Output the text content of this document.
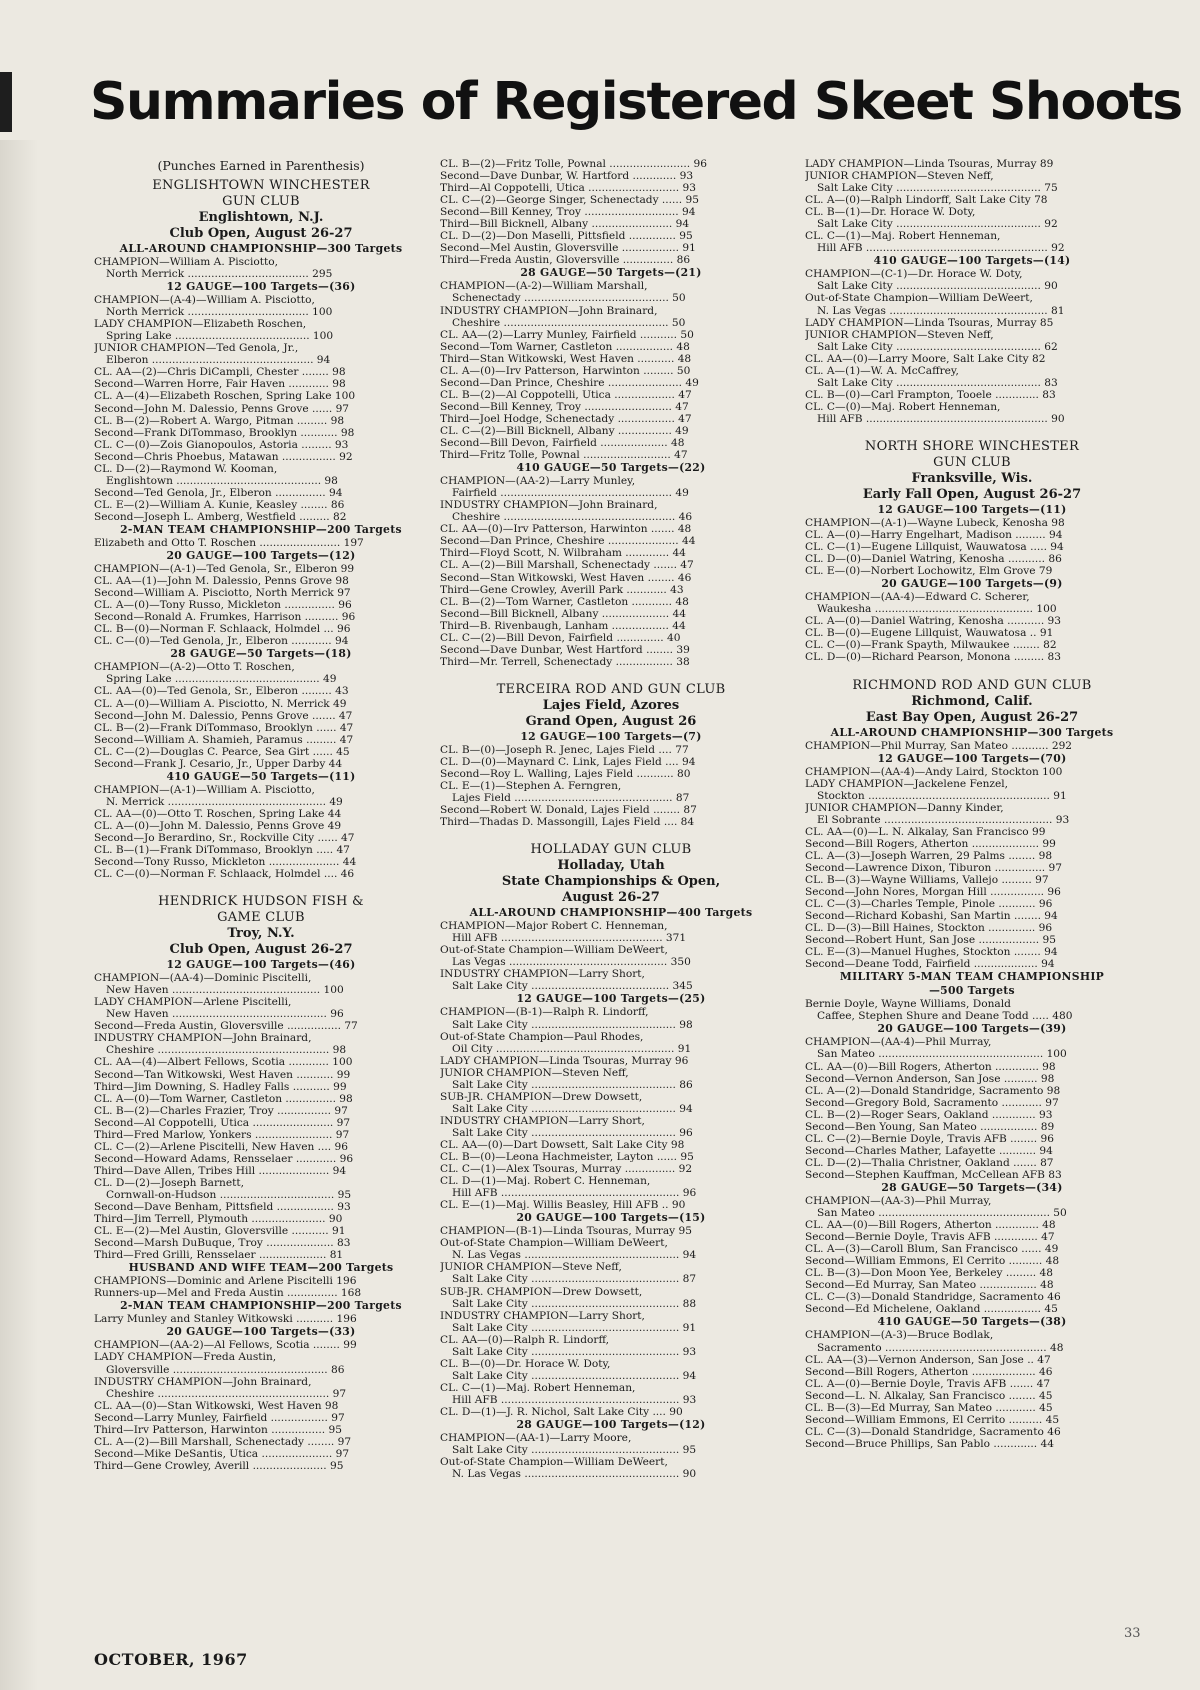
Summaries of Registered Skeet Shoots
(Punches Earned in Parenthesis)
ENGLISHTOWN WINCHESTER
GUN CLUB
Englishtown, N.J.
Club Open, August 26-27
ALL-AROUND CHAMPIONSHIP—300 Targets
CHAMPION—William A. Pisciotto,
North Merrick .................................... 295
12 GAUGE—100 Targets—(36)
CHAMPION—(A-4)—William A. Pisciotto,
North Merrick .................................... 100
LADY CHAMPION—Elizabeth Roschen,
Spring Lake ........................................ 100
JUNIOR CHAMPION—Ted Genola, Jr.,
Elberon ................................................ 94
CL. AA—(2)—Chris DiCampli, Chester ........ 98
Second—Warren Horre, Fair Haven ............ 98
CL. A—(4)—Elizabeth Roschen, Spring Lake 100
Second—John M. Dalessio, Penns Grove ...... 97
CL. B—(2)—Robert A. Wargo, Pitman ......... 98
Second—Frank DiTommaso, Brooklyn ........... 98
CL. C—(0)—Zois Gianopoulos, Astoria ......... 93
Second—Chris Phoebus, Matawan ................ 92
CL. D—(2)—Raymond W. Kooman,
Englishtown ........................................... 98
Second—Ted Genola, Jr., Elberon ............... 94
CL. E—(2)—William A. Kunie, Keasley ........ 86
Second—Joseph L. Amberg, Westfield ......... 82
2-MAN TEAM CHAMPIONSHIP—200 Targets
Elizabeth and Otto T. Roschen ........................ 197
20 GAUGE—100 Targets—(12)
CHAMPION—(A-1)—Ted Genola, Sr., Elberon 99
CL. AA—(1)—John M. Dalessio, Penns Grove 98
Second—William A. Pisciotto, North Merrick 97
CL. A—(0)—Tony Russo, Mickleton ............... 96
Second—Ronald A. Frumkes, Harrison .......... 96
CL. B—(0)—Norman F. Schlaack, Holmdel ... 96
CL. C—(0)—Ted Genola, Jr., Elberon ............ 94
28 GAUGE—50 Targets—(18)
CHAMPION—(A-2)—Otto T. Roschen,
Spring Lake ........................................... 49
CL. AA—(0)—Ted Genola, Sr., Elberon ......... 43
CL. A—(0)—William A. Pisciotto, N. Merrick 49
Second—John M. Dalessio, Penns Grove ....... 47
CL. B—(2)—Frank DiTommaso, Brooklyn ...... 47
Second—William A. Shamieh, Paramus ......... 47
CL. C—(2)—Douglas C. Pearce, Sea Girt ...... 45
Second—Frank J. Cesario, Jr., Upper Darby 44
410 GAUGE—50 Targets—(11)
CHAMPION—(A-1)—William A. Pisciotto,
N. Merrick ............................................... 49
CL. AA—(0)—Otto T. Roschen, Spring Lake 44
CL. A—(0)—John M. Dalessio, Penns Grove 49
Second—Jo Berardino, Sr., Rockville City ...... 47
CL. B—(1)—Frank DiTommaso, Brooklyn ..... 47
Second—Tony Russo, Mickleton ..................... 44
CL. C—(0)—Norman F. Schlaack, Holmdel .... 46
HENDRICK HUDSON FISH &
GAME CLUB
Troy, N.Y.
Club Open, August 26-27
12 GAUGE—100 Targets—(46)
CHAMPION—(AA-4)—Dominic Piscitelli,
New Haven ............................................ 100
LADY CHAMPION—Arlene Piscitelli,
New Haven .............................................. 96
Second—Freda Austin, Gloversville ................ 77
INDUSTRY CHAMPION—John Brainard,
Cheshire ................................................... 98
CL. AA—(4)—Albert Fellows, Scotia ............ 100
Second—Tan Witkowski, West Haven ........... 99
Third—Jim Downing, S. Hadley Falls ........... 99
CL. A—(0)—Tom Warner, Castleton ............... 98
CL. B—(2)—Charles Frazier, Troy ................ 97
Second—Al Coppotelli, Utica ........................ 97
Third—Fred Marlow, Yonkers ....................... 97
CL. C—(2)—Arlene Piscitelli, New Haven .... 96
Second—Howard Adams, Rensselaer ............ 96
Third—Dave Allen, Tribes Hill ..................... 94
CL. D—(2)—Joseph Barnett,
Cornwall-on-Hudson .................................. 95
Second—Dave Benham, Pittsfield ................. 93
Third—Jim Terrell, Plymouth ...................... 90
CL. E—(2)—Mel Austin, Gloversville ........... 91
Second—Marsh DuBuque, Troy .................... 83
Third—Fred Grilli, Rensselaer .................... 81
HUSBAND AND WIFE TEAM—200 Targets
CHAMPIONS—Dominic and Arlene Piscitelli 196
Runners-up—Mel and Freda Austin ............... 168
2-MAN TEAM CHAMPIONSHIP—200 Targets
Larry Munley and Stanley Witkowski ........... 196
20 GAUGE—100 Targets—(33)
CHAMPION—(AA-2)—Al Fellows, Scotia ........ 99
LADY CHAMPION—Freda Austin,
Gloversville .............................................. 86
INDUSTRY CHAMPION—John Brainard,
Cheshire ................................................... 97
CL. AA—(0)—Stan Witkowski, West Haven 98
Second—Larry Munley, Fairfield ................. 97
Third—Irv Patterson, Harwinton ................ 95
CL. A—(2)—Bill Marshall, Schenectady ........ 97
Second—Mike DeSantis, Utica ..................... 97
Third—Gene Crowley, Averill ...................... 95
CL. B—(2)—Fritz Tolle, Pownal ........................ 96
Second—Dave Dunbar, W. Hartford ............. 93
Third—Al Coppotelli, Utica ........................... 93
CL. C—(2)—George Singer, Schenectady ...... 95
Second—Bill Kenney, Troy ............................ 94
Third—Bill Bicknell, Albany ........................ 94
CL. D—(2)—Don Maselli, Pittsfield .............. 95
Second—Mel Austin, Gloversville ................. 91
Third—Freda Austin, Gloversville ............... 86
28 GAUGE—50 Targets—(21)
CHAMPION—(A-2)—William Marshall,
Schenectady ........................................... 50
INDUSTRY CHAMPION—John Brainard,
Cheshire ................................................. 50
CL. AA—(2)—Larry Munley, Fairfield ........... 50
Second—Tom Warner, Castleton ................. 48
Third—Stan Witkowski, West Haven ........... 48
CL. A—(0)—Irv Patterson, Harwinton ......... 50
Second—Dan Prince, Cheshire ...................... 49
CL. B—(2)—Al Coppotelli, Utica .................. 47
Second—Bill Kenney, Troy .......................... 47
Third—Joel Hodge, Schenectady ................. 47
CL. C—(2)—Bill Bicknell, Albany ................ 49
Second—Bill Devon, Fairfield .................... 48
Third—Fritz Tolle, Pownal .......................... 47
410 GAUGE—50 Targets—(22)
CHAMPION—(AA-2)—Larry Munley,
Fairfield ................................................... 49
INDUSTRY CHAMPION—John Brainard,
Cheshire ................................................... 46
CL. AA—(0)—Irv Patterson, Harwinton ....... 48
Second—Dan Prince, Cheshire ..................... 44
Third—Floyd Scott, N. Wilbraham ............. 44
CL. A—(2)—Bill Marshall, Schenectady ....... 47
Second—Stan Witkowski, West Haven ........ 46
Third—Gene Crowley, Averill Park ............ 43
CL. B—(2)—Tom Warner, Castleton ............ 48
Second—Bill Bicknell, Albany .................... 44
Third—B. Rivenbaugh, Lanham ................. 44
CL. C—(2)—Bill Devon, Fairfield .............. 40
Second—Dave Dunbar, West Hartford ........ 39
Third—Mr. Terrell, Schenectady ................. 38
TERCEIRA ROD AND GUN CLUB
Lajes Field, Azores
Grand Open, August 26
12 GAUGE—100 Targets—(7)
CL. B—(0)—Joseph R. Jenec, Lajes Field .... 77
CL. D—(0)—Maynard C. Link, Lajes Field .... 94
Second—Roy L. Walling, Lajes Field ........... 80
CL. E—(1)—Stephen A. Ferngren,
Lajes Field ............................................... 87
Second—Robert W. Donald, Lajes Field ........ 87
Third—Thadas D. Massongill, Lajes Field .... 84
HOLLADAY GUN CLUB
Holladay, Utah
State Championships & Open,
August 26-27
ALL-AROUND CHAMPIONSHIP—400 Targets
CHAMPION—Major Robert C. Henneman,
Hill AFB ................................................ 371
Out-of-State Champion—William DeWeert,
Las Vegas ............................................... 350
INDUSTRY CHAMPION—Larry Short,
Salt Lake City ......................................... 345
12 GAUGE—100 Targets—(25)
CHAMPION—(B-1)—Ralph R. Lindorff,
Salt Lake City ........................................... 98
Out-of-State Champion—Paul Rhodes,
Oil City ..................................................... 91
LADY CHAMPION—Linda Tsouras, Murray 96
JUNIOR CHAMPION—Steven Neff,
Salt Lake City ........................................... 86
SUB-JR. CHAMPION—Drew Dowsett,
Salt Lake City ........................................... 94
INDUSTRY CHAMPION—Larry Short,
Salt Lake City ........................................... 96
CL. AA—(0)—Dart Dowsett, Salt Lake City 98
CL. B—(0)—Leona Hachmeister, Layton ...... 95
CL. C—(1)—Alex Tsouras, Murray ............... 92
CL. D—(1)—Maj. Robert C. Henneman,
Hill AFB ..................................................... 96
CL. E—(1)—Maj. Willis Beasley, Hill AFB .. 90
20 GAUGE—100 Targets—(15)
CHAMPION—(B-1)—Linda Tsouras, Murray 95
Out-of-State Champion—William DeWeert,
N. Las Vegas .............................................. 94
JUNIOR CHAMPION—Steve Neff,
Salt Lake City ............................................ 87
SUB-JR. CHAMPION—Drew Dowsett,
Salt Lake City ............................................ 88
INDUSTRY CHAMPION—Larry Short,
Salt Lake City ............................................ 91
CL. AA—(0)—Ralph R. Lindorff,
Salt Lake City ............................................ 93
CL. B—(0)—Dr. Horace W. Doty,
Salt Lake City ............................................ 94
CL. C—(1)—Maj. Robert Henneman,
Hill AFB ..................................................... 93
CL. D—(1)—J. R. Nichol, Salt Lake City .... 90
28 GAUGE—100 Targets—(12)
CHAMPION—(AA-1)—Larry Moore,
Salt Lake City ............................................ 95
Out-of-State Champion—William DeWeert,
N. Las Vegas .............................................. 90
LADY CHAMPION—Linda Tsouras, Murray 89
JUNIOR CHAMPION—Steven Neff,
Salt Lake City ........................................... 75
CL. A—(0)—Ralph Lindorff, Salt Lake City 78
CL. B—(1)—Dr. Horace W. Doty,
Salt Lake City ........................................... 92
CL. C—(1)—Maj. Robert Henneman,
Hill AFB ...................................................... 92
410 GAUGE—100 Targets—(14)
CHAMPION—(C-1)—Dr. Horace W. Doty,
Salt Lake City ........................................... 90
Out-of-State Champion—William DeWeert,
N. Las Vegas ............................................... 81
LADY CHAMPION—Linda Tsouras, Murray 85
JUNIOR CHAMPION—Steven Neff,
Salt Lake City ........................................... 62
CL. AA—(0)—Larry Moore, Salt Lake City 82
CL. A—(1)—W. A. McCaffrey,
Salt Lake City ........................................... 83
CL. B—(0)—Carl Frampton, Tooele ............. 83
CL. C—(0)—Maj. Robert Henneman,
Hill AFB ...................................................... 90
NORTH SHORE WINCHESTER
GUN CLUB
Franksville, Wis.
Early Fall Open, August 26-27
12 GAUGE—100 Targets—(11)
CHAMPION—(A-1)—Wayne Lubeck, Kenosha 98
CL. A—(0)—Harry Engelhart, Madison ......... 94
CL. C—(1)—Eugene Lillquist, Wauwatosa ..... 94
CL. D—(0)—Daniel Watring, Kenosha ........... 86
CL. E—(0)—Norbert Lochowitz, Elm Grove 79
20 GAUGE—100 Targets—(9)
CHAMPION—(AA-4)—Edward C. Scherer,
Waukesha ............................................... 100
CL. A—(0)—Daniel Watring, Kenosha ........... 93
CL. B—(0)—Eugene Lillquist, Wauwatosa .. 91
CL. C—(0)—Frank Spayth, Milwaukee ........ 82
CL. D—(0)—Richard Pearson, Monona ......... 83
RICHMOND ROD AND GUN CLUB
Richmond, Calif.
East Bay Open, August 26-27
ALL-AROUND CHAMPIONSHIP—300 Targets
CHAMPION—Phil Murray, San Mateo ........... 292
12 GAUGE—100 Targets—(70)
CHAMPION—(AA-4)—Andy Laird, Stockton 100
LADY CHAMPION—Jackelene Fenzel,
Stockton ...................................................... 91
JUNIOR CHAMPION—Danny Kinder,
El Sobrante .................................................. 93
CL. AA—(0)—L. N. Alkalay, San Francisco 99
Second—Bill Rogers, Atherton .................... 99
CL. A—(3)—Joseph Warren, 29 Palms ........ 98
Second—Lawrence Dixon, Tiburon ............... 97
CL. B—(3)—Wayne Williams, Vallejo ......... 97
Second—John Nores, Morgan Hill ................ 96
CL. C—(3)—Charles Temple, Pinole ........... 96
Second—Richard Kobashi, San Martin ........ 94
CL. D—(3)—Bill Haines, Stockton .............. 96
Second—Robert Hunt, San Jose .................. 95
CL. E—(3)—Manuel Hughes, Stockton ........ 94
Second—Deane Todd, Fairfield ................... 94
MILITARY 5-MAN TEAM CHAMPIONSHIP
—500 Targets
Bernie Doyle, Wayne Williams, Donald
Caffee, Stephen Shure and Deane Todd ..... 480
20 GAUGE—100 Targets—(39)
CHAMPION—(AA-4)—Phil Murray,
San Mateo ................................................. 100
CL. AA—(0)—Bill Rogers, Atherton ............. 98
Second—Vernon Anderson, San Jose .......... 98
CL. A—(2)—Donald Standridge, Sacramento 98
Second—Gregory Bold, Sacramento ............ 97
CL. B—(2)—Roger Sears, Oakland ............. 93
Second—Ben Young, San Mateo ................. 89
CL. C—(2)—Bernie Doyle, Travis AFB ........ 96
Second—Charles Mather, Lafayette ........... 94
CL. D—(2)—Thalia Christner, Oakland ....... 87
Second—Stephen Kauffman, McCellean AFB 83
28 GAUGE—50 Targets—(34)
CHAMPION—(AA-3)—Phil Murray,
San Mateo ................................................... 50
CL. AA—(0)—Bill Rogers, Atherton ............. 48
Second—Bernie Doyle, Travis AFB ............. 47
CL. A—(3)—Caroll Blum, San Francisco ...... 49
Second—William Emmons, El Cerrito .......... 48
CL. B—(3)—Don Moon Yee, Berkeley ......... 48
Second—Ed Murray, San Mateo ................. 48
CL. C—(3)—Donald Standridge, Sacramento 46
Second—Ed Michelene, Oakland ................. 45
410 GAUGE—50 Targets—(38)
CHAMPION—(A-3)—Bruce Bodlak,
Sacramento ................................................ 48
CL. AA—(3)—Vernon Anderson, San Jose .. 47
Second—Bill Rogers, Atherton ................... 46
CL. A—(0)—Bernie Doyle, Travis AFB ....... 47
Second—L. N. Alkalay, San Francisco ........ 45
CL. B—(3)—Ed Murray, San Mateo ............ 45
Second—William Emmons, El Cerrito .......... 45
CL. C—(3)—Donald Standridge, Sacramento 46
Second—Bruce Phillips, San Pablo ............. 44
OCTOBER, 1967
33
